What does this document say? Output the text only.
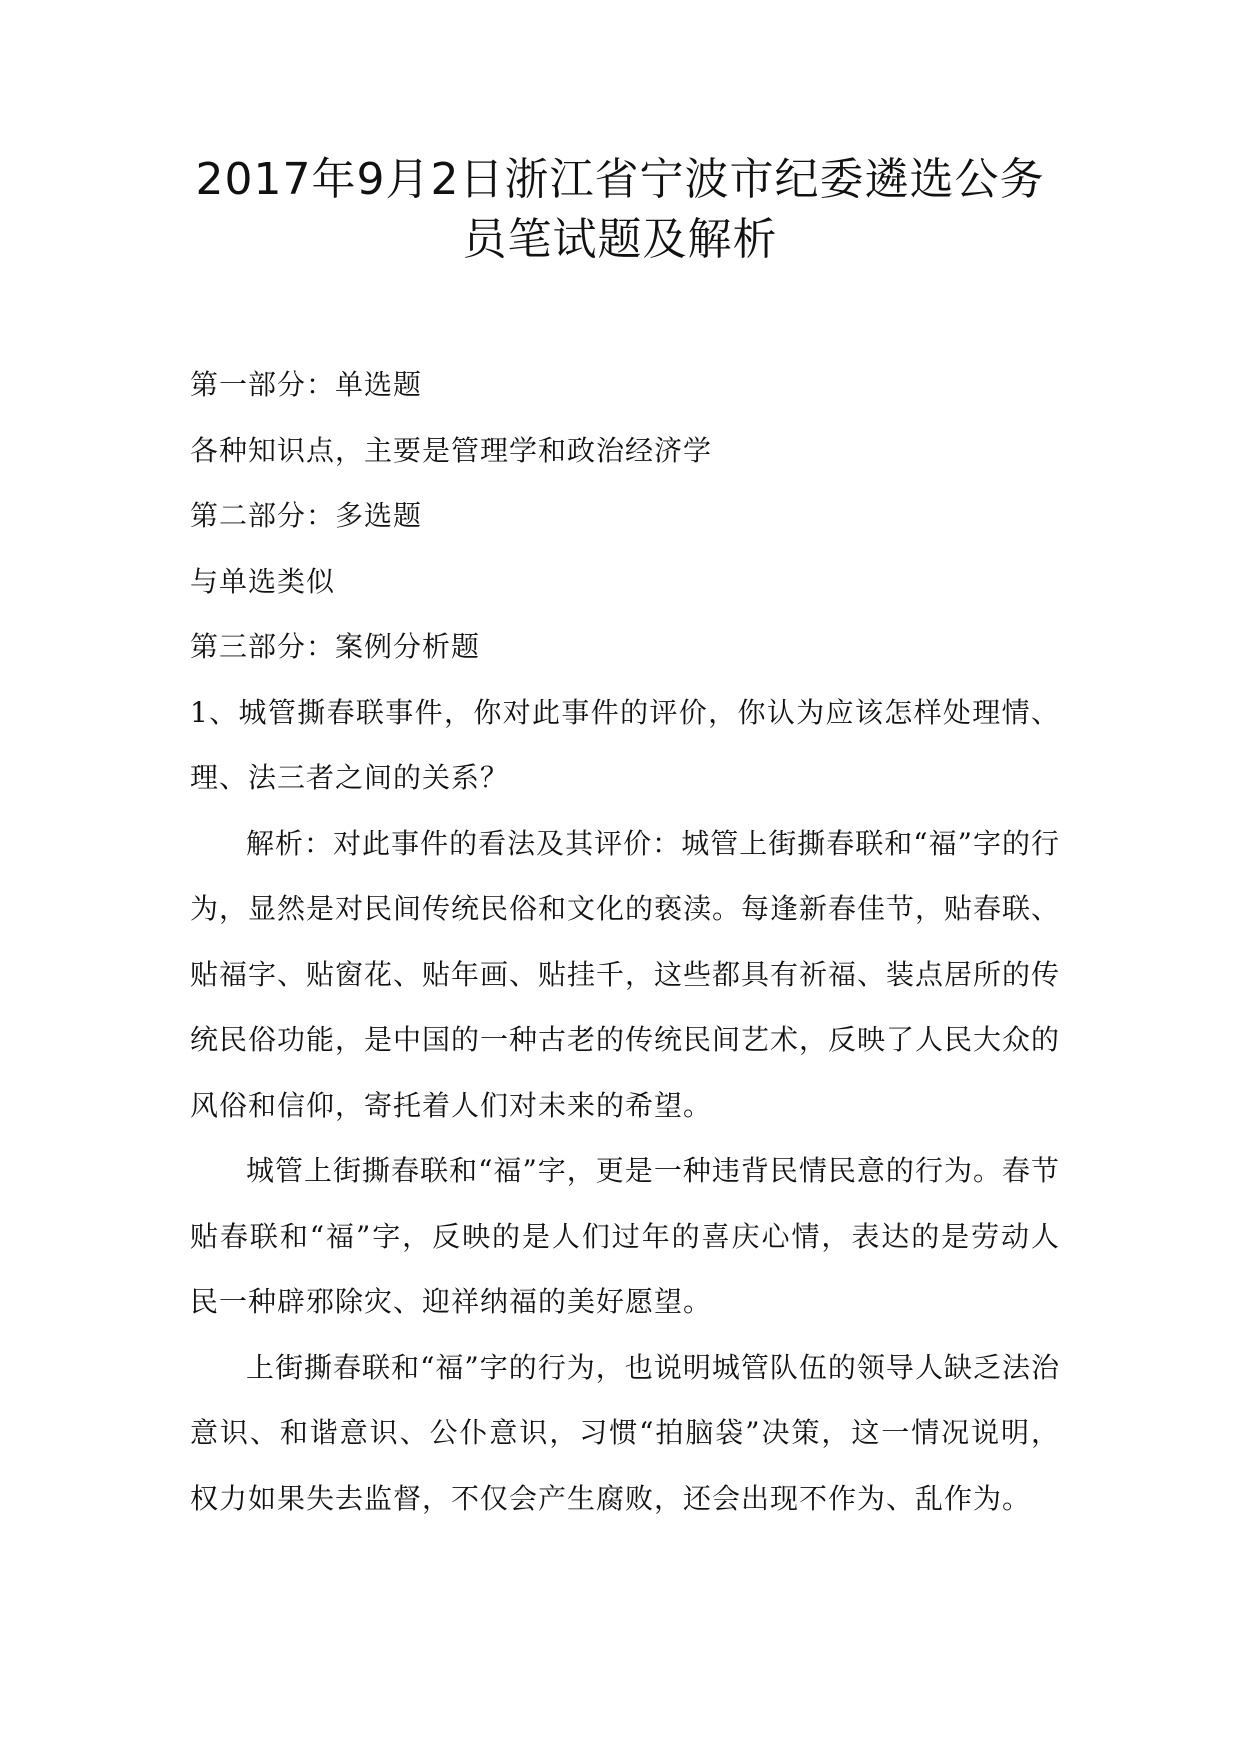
2017年9月2日浙江省宁波市纪委遴选公务
员笔试题及解析

第一部分：单选题

各种知识点，主要是管理学和政治经济学

第二部分：多选题

与单选类似

第三部分：案例分析题

1、城管撕春联事件，你对此事件的评价，你认为应该怎样处理情、理、法三者之间的关系？

解析：对此事件的看法及其评价：城管上街撕春联和“福”字的行为，显然是对民间传统民俗和文化的亵渎。每逢新春佳节，贴春联、贴福字、贴窗花、贴年画、贴挂千，这些都具有祈福、装点居所的传统民俗功能，是中国的一种古老的传统民间艺术，反映了人民大众的风俗和信仰，寄托着人们对未来的希望。

城管上街撕春联和“福”字，更是一种违背民情民意的行为。春节贴春联和“福”字，反映的是人们过年的喜庆心情，表达的是劳动人民一种辟邪除灾、迎祥纳福的美好愿望。

上街撕春联和“福”字的行为，也说明城管队伍的领导人缺乏法治意识、和谐意识、公仆意识，习惯“拍脑袋”决策，这一情况说明，权力如果失去监督，不仅会产生腐败，还会出现不作为、乱作为。
